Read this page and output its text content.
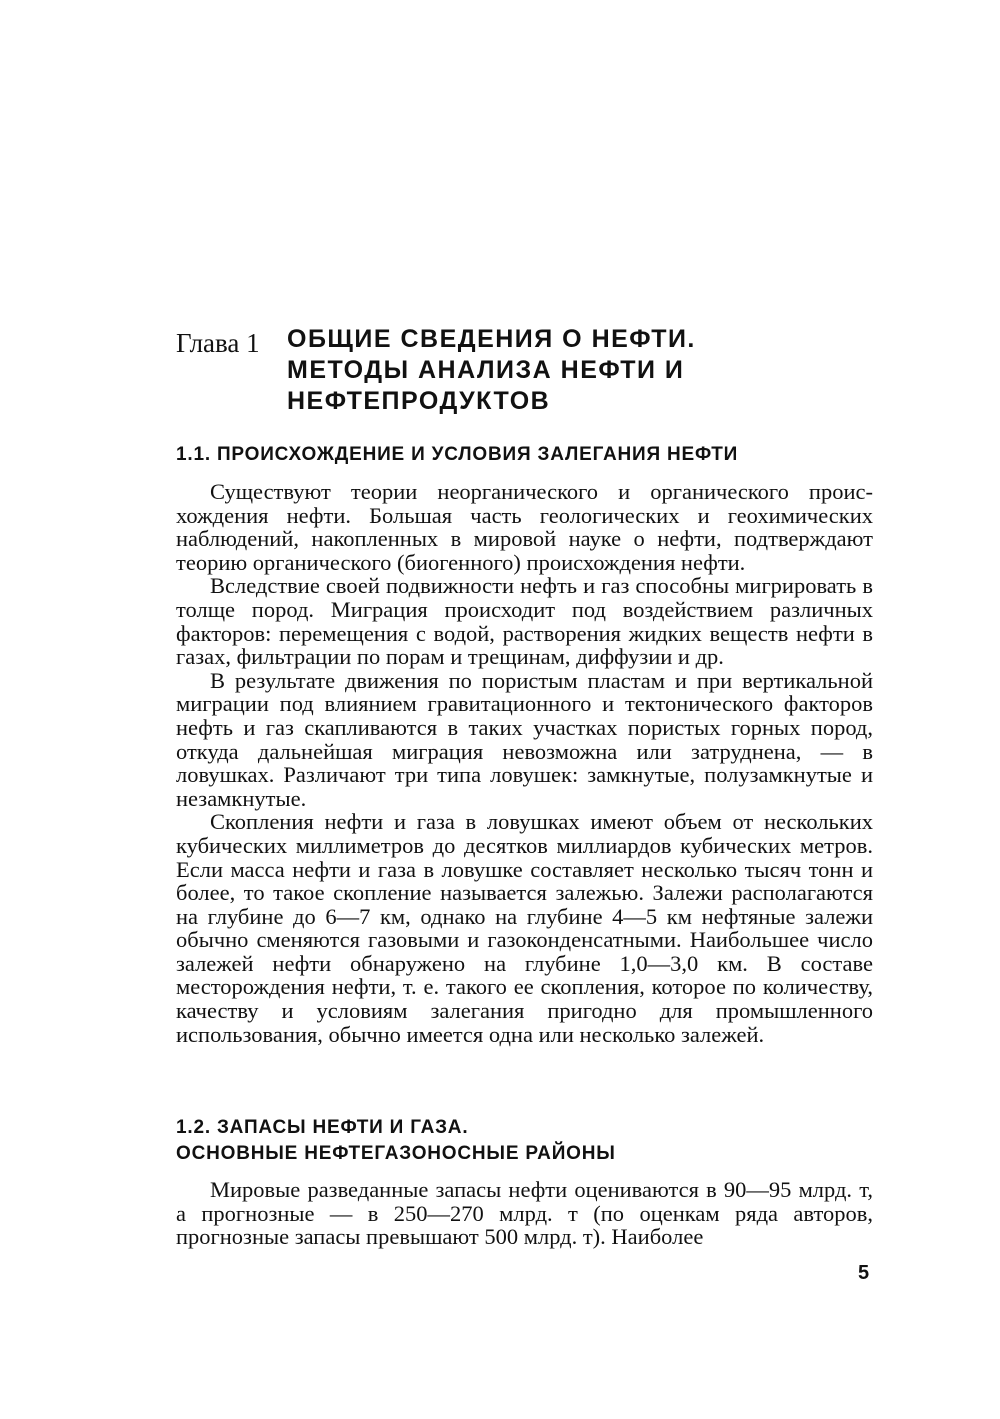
Глава 1 ОБЩИЕ СВЕДЕНИЯ О НЕФТИ.
МЕТОДЫ АНАЛИЗА НЕФТИ И
НЕФТЕПРОДУКТОВ
1.1. ПРОИСХОЖДЕНИЕ И УСЛОВИЯ ЗАЛЕГАНИЯ НЕФТИ

Существуют теории неорганического и органического происхождения нефти. Большая часть геологических и геохимических наблюдений, накопленных в мировой науке о нефти, подтверждают теорию органического (биогенного) происхождения нефти.

Вследствие своей подвижности нефть и газ способны мигрировать в толще пород. Миграция происходит под воздействием различных факторов: перемещения с водой, растворения жидких веществ нефти в газах, фильтрации по порам и трещинам, диффузии и др.

В результате движения по пористым пластам и при вертикальной миграции под влиянием гравитационного и тектонического факторов нефть и газ скапливаются в таких участках пористых горных пород, откуда дальнейшая миграция невозможна или затруднена, — в ловушках. Различают три типа ловушек: замкнутые, полузамкнутые и незамкнутые.

Скопления нефти и газа в ловушках имеют объем от нескольких кубических миллиметров до десятков миллиардов кубических метров. Если масса нефти и газа в ловушке составляет несколько тысяч тонн и более, то такое скопление называется залежью. Залежи располагаются на глубине до 6—7 км, однако на глубине 4—5 км нефтяные залежи обычно сменяются газовыми и газоконденсатными. Наибольшее число залежей нефти обнаружено на глубине 1,0—3,0 км. В составе месторождения нефти, т. е. такого ее скопления, которое по количеству, качеству и условиям залегания пригодно для промышленного использования, обычно имеется одна или несколько залежей.

1.2. ЗАПАСЫ НЕФТИ И ГАЗА.
ОСНОВНЫЕ НЕФТЕГАЗОНОСНЫЕ РАЙОНЫ

Мировые разведанные запасы нефти оцениваются в 90—95 млрд. т, а прогнозные — в 250—270 млрд. т (по оценкам ряда авторов, прогнозные запасы превышают 500 млрд. т). Наиболее

5
